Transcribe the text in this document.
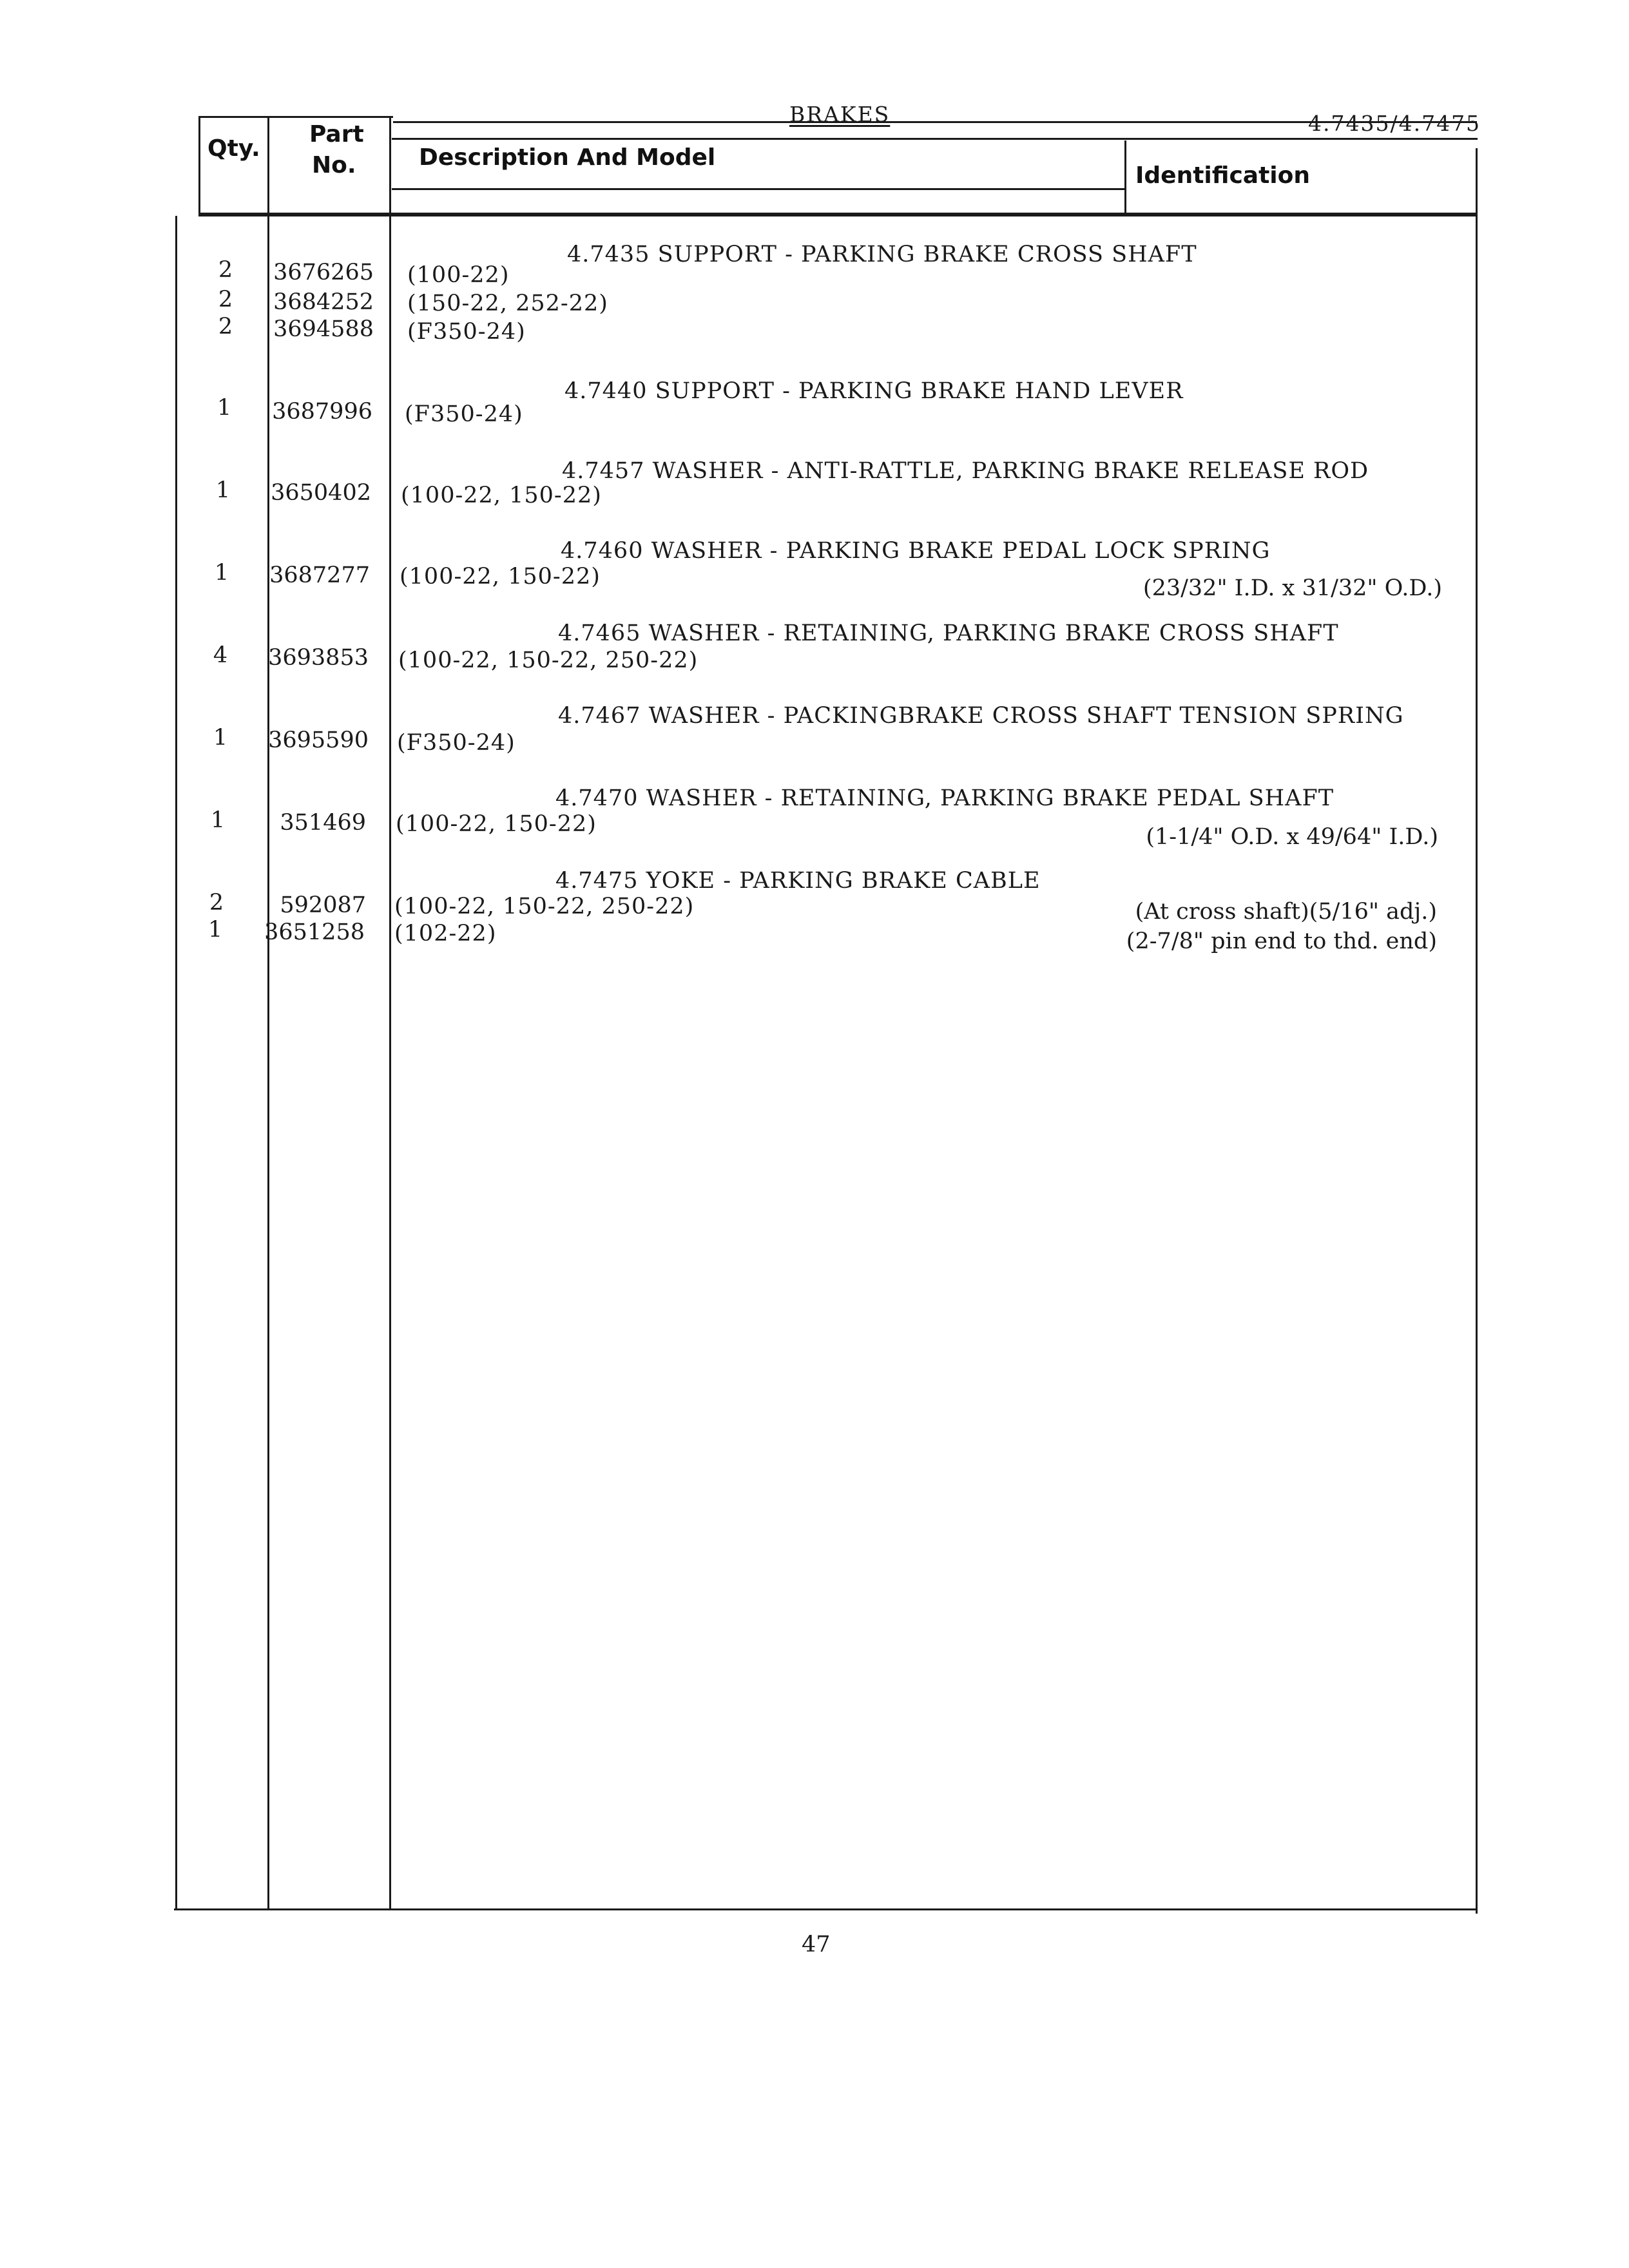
BRAKES	4.7435/4.7475
Qty.
Part
No.	Description And Model
Identification
4.7435 SUPPORT - PARKING BRAKE CROSS SHAFT
2	3676265 (100-22)
2	3684252 (150-22, 252-22)
2	3694588 (F350-24)
4.7440 SUPPORT - PARKING BRAKE HAND LEVER
1	3687996 (F350-24)
4.7457 WASHER - ANTI-RATTLE, PARKING BRAKE RELEASE ROD
1	3650402 (100-22, 150-22)
4.7460 WASHER - PARKING BRAKE PEDAL LOCK SPRING
1	3687277 (100-22, 150-22)	(23/32" I.D. x 31/32" O.D.)
4.7465 WASHER - RETAINING, PARKING BRAKE CROSS SHAFT
4	3693853 (100-22, 150-22, 250-22)
4.7467 WASHER - PACKINGBRAKE CROSS SHAFT TENSION SPRING
1	3695590 (F350-24)
4.7470 WASHER - RETAINING, PARKING BRAKE PEDAL SHAFT
1	351469 (100-22, 150-22)	(1-1/4" O.D. x 49/64" I.D.)
4.7475 YOKE - PARKING BRAKE CABLE
2	592087 (100-22, 150-22, 250-22)	(At cross shaft)(5/16" adj.)
1	3651258 (102-22)	(2-7/8" pin end to thd. end)
47
